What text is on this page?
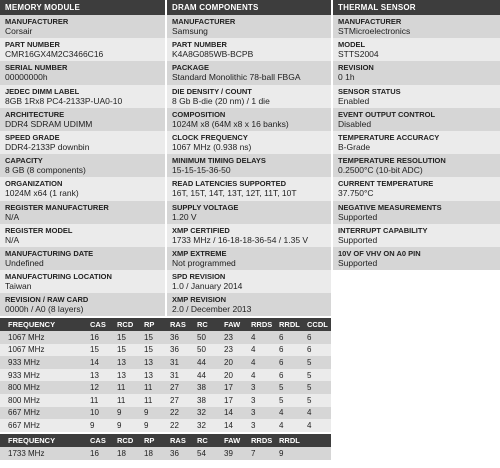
MEMORY MODULE
MANUFACTURER
Corsair
PART NUMBER
CMR16GX4M2C3466C16
SERIAL NUMBER
00000000h
JEDEC DIMM LABEL
8GB 1Rx8 PC4-2133P-UA0-10
ARCHITECTURE
DDR4 SDRAM UDIMM
SPEED GRADE
DDR4-2133P downbin
CAPACITY
8 GB (8 components)
ORGANIZATION
1024M x64 (1 rank)
REGISTER MANUFACTURER
N/A
REGISTER MODEL
N/A
MANUFACTURING DATE
Undefined
MANUFACTURING LOCATION
Taiwan
REVISION / RAW CARD
0000h / A0 (8 layers)
DRAM COMPONENTS
MANUFACTURER
Samsung
PART NUMBER
K4A8G085WB-BCPB
PACKAGE
Standard Monolithic 78-ball FBGA
DIE DENSITY / COUNT
8 Gb B-die (20 nm) / 1 die
COMPOSITION
1024M x8 (64M x8 x 16 banks)
CLOCK FREQUENCY
1067 MHz (0.938 ns)
MINIMUM TIMING DELAYS
15-15-15-36-50
READ LATENCIES SUPPORTED
16T, 15T, 14T, 13T, 12T, 11T, 10T
SUPPLY VOLTAGE
1.20 V
XMP CERTIFIED
1733 MHz / 16-18-18-36-54 / 1.35 V
XMP EXTREME
Not programmed
SPD REVISION
1.0 / January 2014
XMP REVISION
2.0 / December 2013
THERMAL SENSOR
MANUFACTURER
STMicroelectronics
MODEL
STTS2004
REVISION
0 1h
SENSOR STATUS
Enabled
EVENT OUTPUT CONTROL
Disabled
TEMPERATURE ACCURACY
B-Grade
TEMPERATURE RESOLUTION
0.2500°C (10-bit ADC)
CURRENT TEMPERATURE
37.750°C
NEGATIVE MEASUREMENTS
Supported
INTERRUPT CAPABILITY
Supported
10V OF VHV ON A0 PIN
Supported
FREQUENCY	CAS	RCD	RP	RAS	RC	FAW	RRDS	RRDL	CCDL
1067 MHz	16	15	15	36	50	23	4	6	6
1067 MHz	15	15	15	36	50	23	4	6	6
933 MHz	14	13	13	31	44	20	4	6	5
933 MHz	13	13	13	31	44	20	4	6	5
800 MHz	12	11	11	27	38	17	3	5	5
800 MHz	11	11	11	27	38	17	3	5	5
667 MHz	10	9	9	22	32	14	3	4	4
667 MHz	9	9	9	22	32	14	3	4	4
FREQUENCY	CAS	RCD	RP	RAS	RC	FAW	RRDS	RRDL
1733 MHz	16	18	18	36	54	39	7	9
